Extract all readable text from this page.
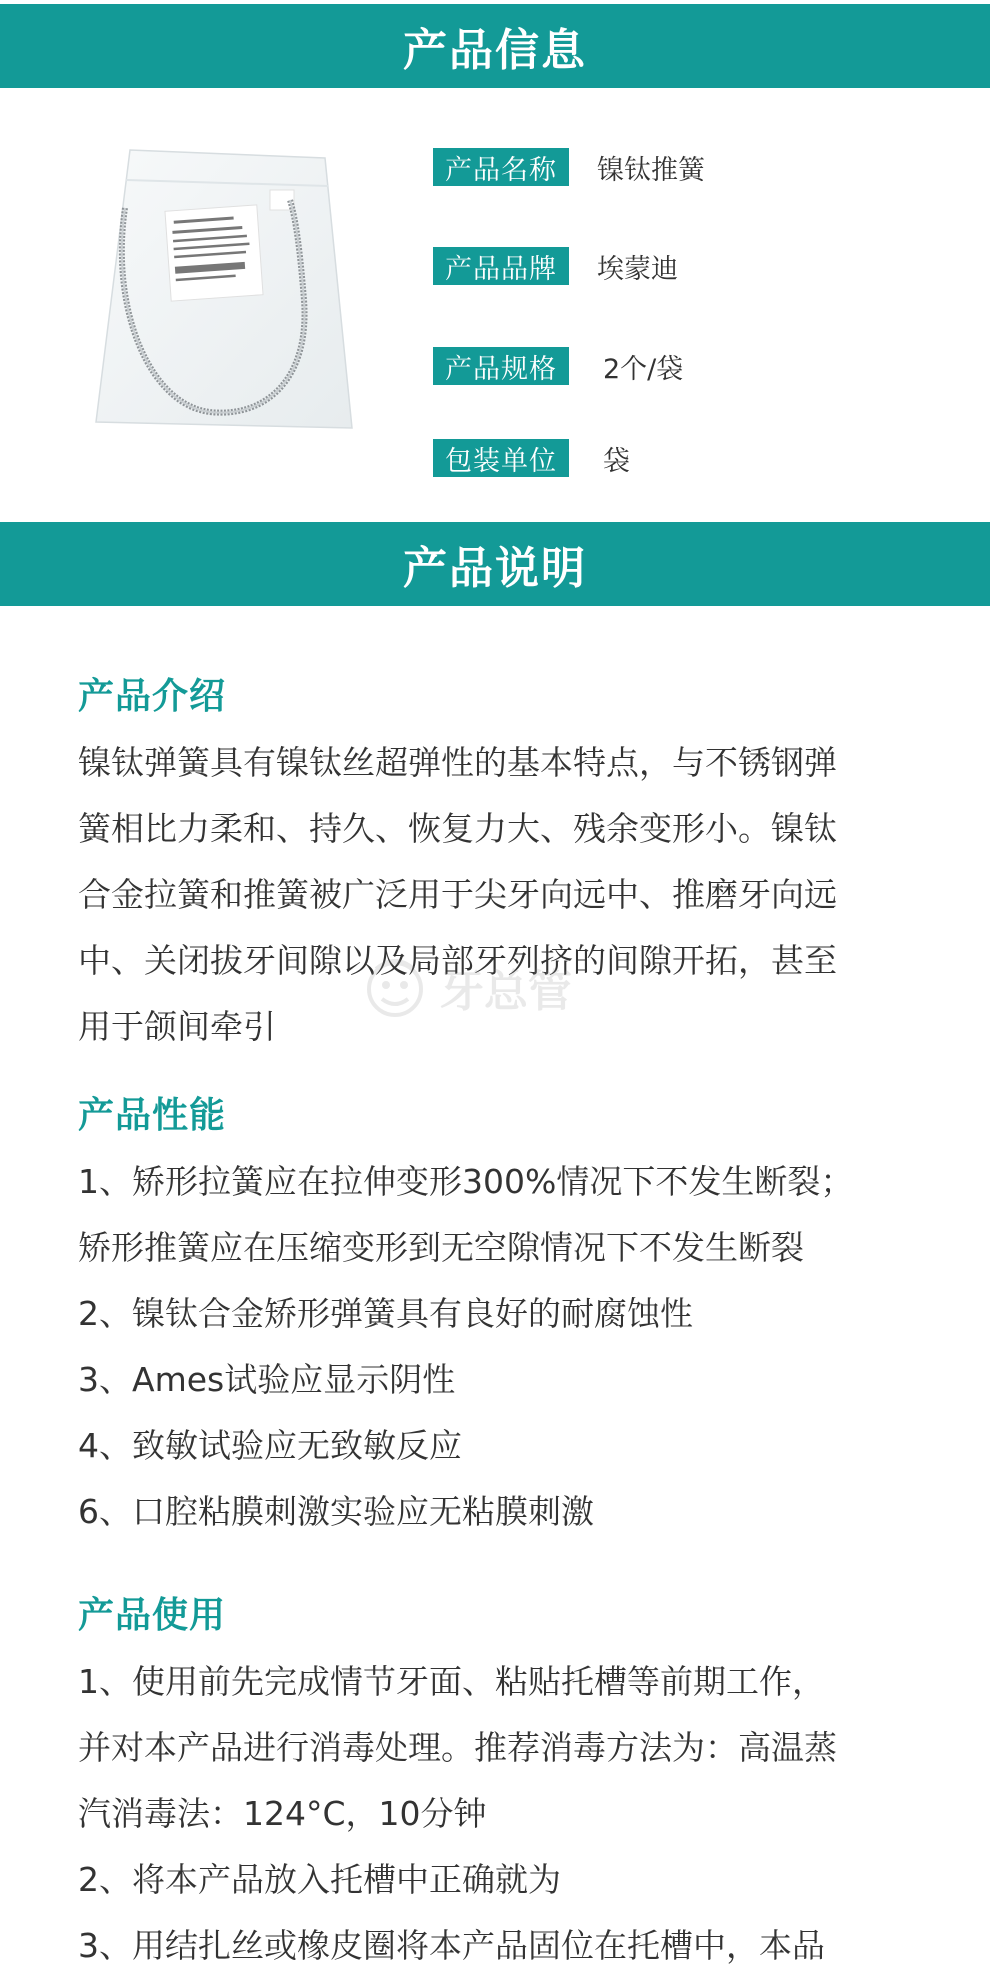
产品信息
产品名称	镍钛推簧
产品品牌	埃蒙迪
产品规格	2个/袋
包装单位	袋
产品说明
产品介绍
镍钛弹簧具有镍钛丝超弹性的基本特点，与不锈钢弹
簧相比力柔和、持久、恢复力大、残余变形小。镍钛
合金拉簧和推簧被广泛用于尖牙向远中、推磨牙向远
中、关闭拔牙间隙以及局部牙列挤的间隙开拓，甚至
用于颌间牵引
牙总管
产品性能
1、矫形拉簧应在拉伸变形300%情况下不发生断裂；
矫形推簧应在压缩变形到无空隙情况下不发生断裂
2、镍钛合金矫形弹簧具有良好的耐腐蚀性
3、Ames试验应显示阴性
4、致敏试验应无致敏反应
6、口腔粘膜刺激实验应无粘膜刺激
产品使用
1、使用前先完成情节牙面、粘贴托槽等前期工作，
并对本产品进行消毒处理。推荐消毒方法为：高温蒸
汽消毒法：124°C，10分钟
2、将本产品放入托槽中正确就为
3、用结扎丝或橡皮圈将本产品固位在托槽中，本品
